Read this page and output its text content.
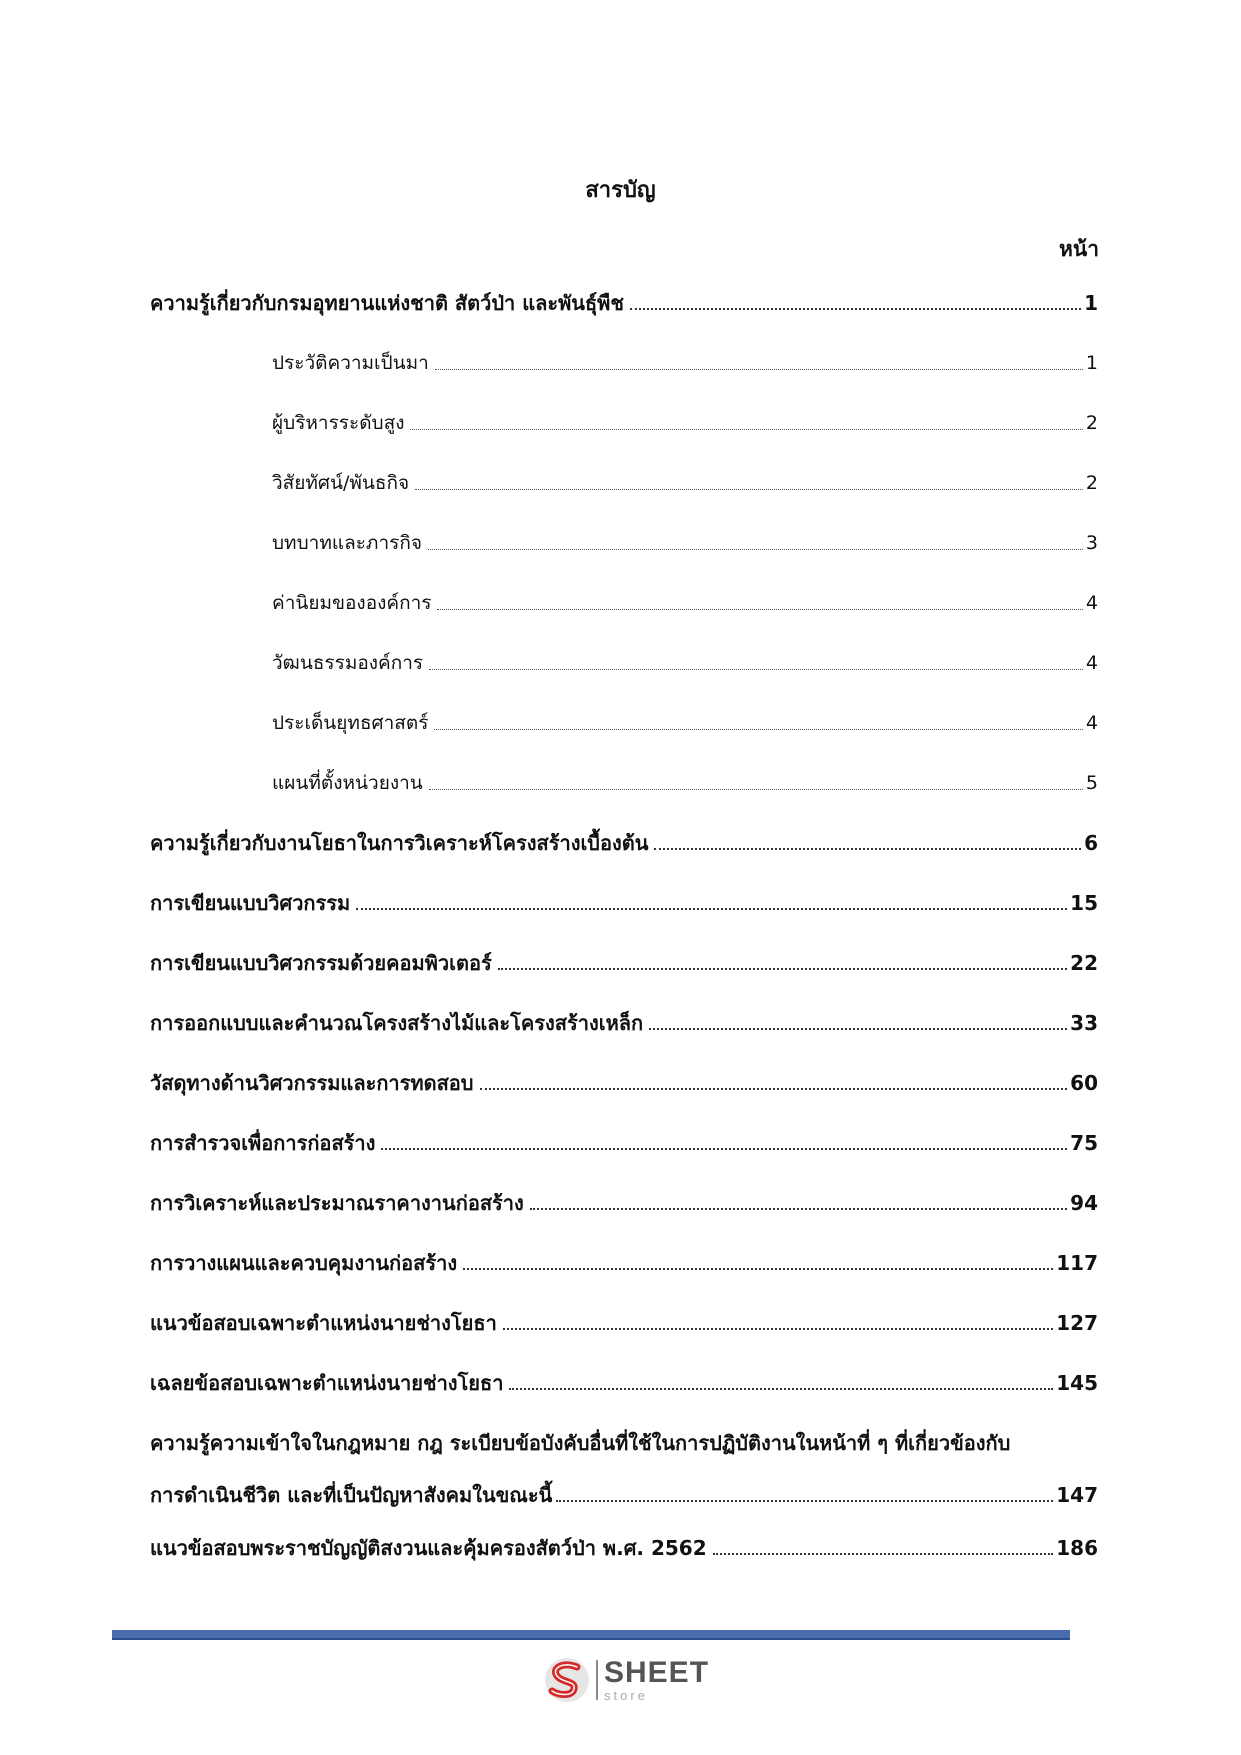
สารบัญ
หน้า
ความรู้เกี่ยวกับกรมอุทยานแห่งชาติ สัตว์ป่า และพันธุ์พืช	1
ประวัติความเป็นมา	1
ผู้บริหารระดับสูง	2
วิสัยทัศน์/พันธกิจ	2
บทบาทและภารกิจ	3
ค่านิยมขององค์การ	4
วัฒนธรรมองค์การ	4
ประเด็นยุทธศาสตร์	4
แผนที่ตั้งหน่วยงาน	5
ความรู้เกี่ยวกับงานโยธาในการวิเคราะห์โครงสร้างเบื้องต้น	6
การเขียนแบบวิศวกรรม	15
การเขียนแบบวิศวกรรมด้วยคอมพิวเตอร์	22
การออกแบบและคำนวณโครงสร้างไม้และโครงสร้างเหล็ก	33
วัสดุทางด้านวิศวกรรมและการทดสอบ	60
การสำรวจเพื่อการก่อสร้าง	75
การวิเคราะห์และประมาณราคางานก่อสร้าง	94
การวางแผนและควบคุมงานก่อสร้าง	117
แนวข้อสอบเฉพาะตำแหน่งนายช่างโยธา	127
เฉลยข้อสอบเฉพาะตำแหน่งนายช่างโยธา	145
ความรู้ความเข้าใจในกฎหมาย กฎ ระเบียบข้อบังคับอื่นที่ใช้ในการปฏิบัติงานในหน้าที่ ๆ ที่เกี่ยวข้องกับ
การดำเนินชีวิต และที่เป็นปัญหาสังคมในขณะนี้	147
แนวข้อสอบพระราชบัญญัติสงวนและคุ้มครองสัตว์ป่า พ.ศ. 2562	186
SHEET
store
